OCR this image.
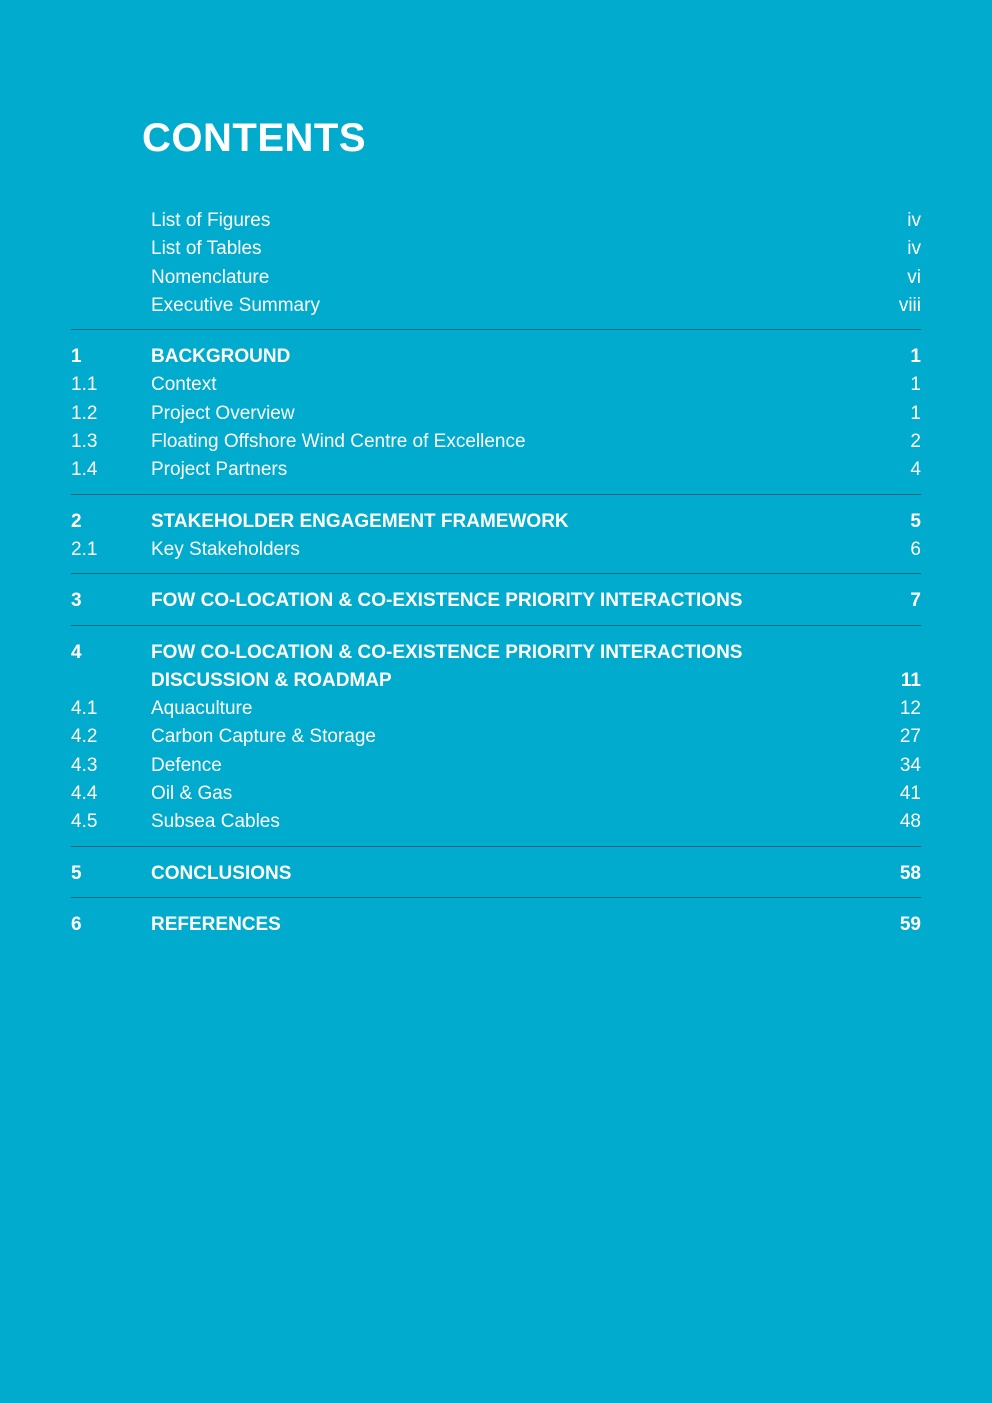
CONTENTS
List of Figures	iv
List of Tables	iv
Nomenclature	vi
Executive Summary	viii
1	BACKGROUND	1
1.1	Context	1
1.2	Project Overview	1
1.3	Floating Offshore Wind Centre of Excellence	2
1.4	Project Partners	4
2	STAKEHOLDER ENGAGEMENT FRAMEWORK	5
2.1	Key Stakeholders	6
3	FOW CO-LOCATION & CO-EXISTENCE PRIORITY INTERACTIONS	7
4	FOW CO-LOCATION & CO-EXISTENCE PRIORITY INTERACTIONS
DISCUSSION & ROADMAP	11
4.1	Aquaculture	12
4.2	Carbon Capture & Storage	27
4.3	Defence	34
4.4	Oil & Gas	41
4.5	Subsea Cables	48
5	CONCLUSIONS	58
6	REFERENCES	59
